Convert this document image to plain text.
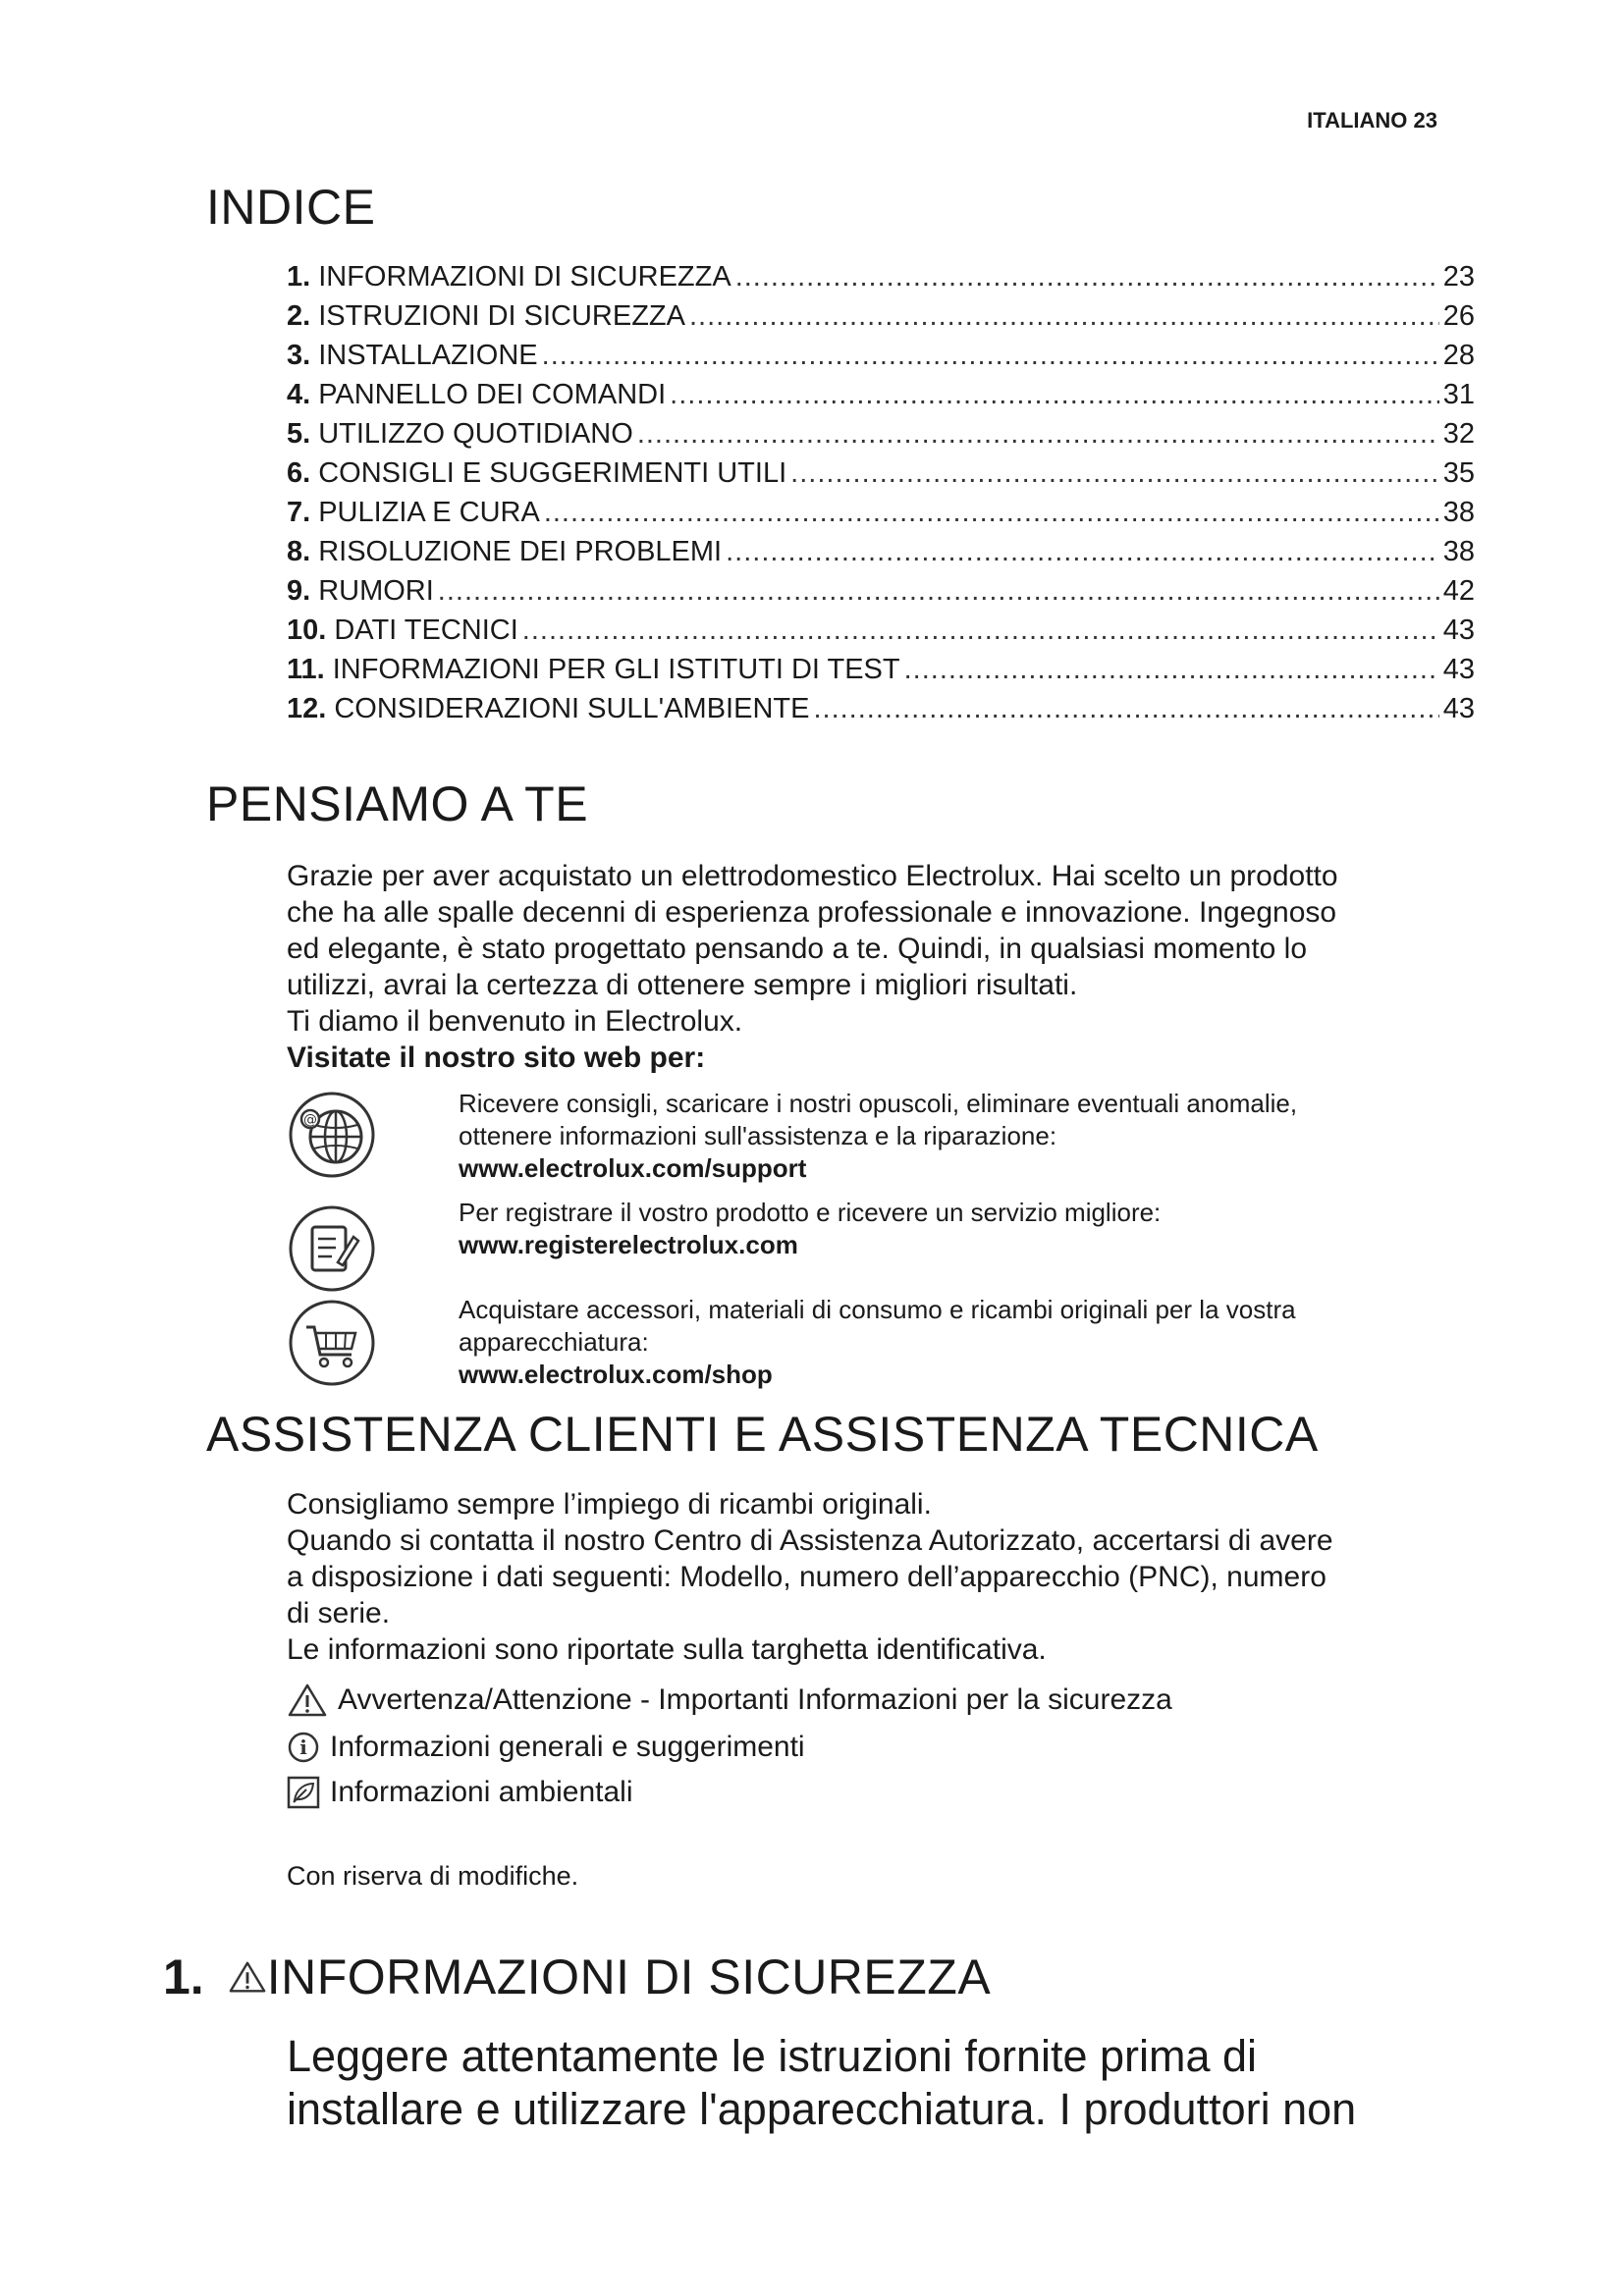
ITALIANO 23
INDICE
1. INFORMAZIONI DI SICUREZZA .....	23
2. ISTRUZIONI DI SICUREZZA .....	26
3. INSTALLAZIONE .....	28
4. PANNELLO DEI COMANDI .....	31
5. UTILIZZO QUOTIDIANO .....	32
6. CONSIGLI E SUGGERIMENTI UTILI .....	35
7. PULIZIA E CURA .....	38
8. RISOLUZIONE DEI PROBLEMI .....	38
9. RUMORI .....	42
10. DATI TECNICI .....	43
11. INFORMAZIONI PER GLI ISTITUTI DI TEST .....	43
12. CONSIDERAZIONI SULL'AMBIENTE .....	43
PENSIAMO A TE

Grazie per aver acquistato un elettrodomestico Electrolux. Hai scelto un prodotto

che ha alle spalle decenni di esperienza professionale e innovazione. Ingegnoso

ed elegante, è stato progettato pensando a te. Quindi, in qualsiasi momento lo

utilizzi, avrai la certezza di ottenere sempre i migliori risultati.

Ti diamo il benvenuto in Electrolux.

Visitate il nostro sito web per:

@
Ricevere consigli, scaricare i nostri opuscoli, eliminare eventuali anomalie,
ottenere informazioni sull'assistenza e la riparazione:
www.electrolux.com/support
Per registrare il vostro prodotto e ricevere un servizio migliore:
www.registerelectrolux.com
Acquistare accessori, materiali di consumo e ricambi originali per la vostra
apparecchiatura:
www.electrolux.com/shop
ASSISTENZA CLIENTI E ASSISTENZA TECNICA

Consigliamo sempre l’impiego di ricambi originali.

Quando si contatta il nostro Centro di Assistenza Autorizzato, accertarsi di avere

a disposizione i dati seguenti: Modello, numero dell’apparecchio (PNC), numero

di serie.

Le informazioni sono riportate sulla targhetta identificativa.

Avvertenza/Attenzione - Importanti Informazioni per la sicurezza
i Informazioni generali e suggerimenti
Informazioni ambientali
Con riserva di modifiche.
1. INFORMAZIONI DI SICUREZZA
Leggere attentamente le istruzioni fornite prima di
installare e utilizzare l'apparecchiatura. I produttori non
